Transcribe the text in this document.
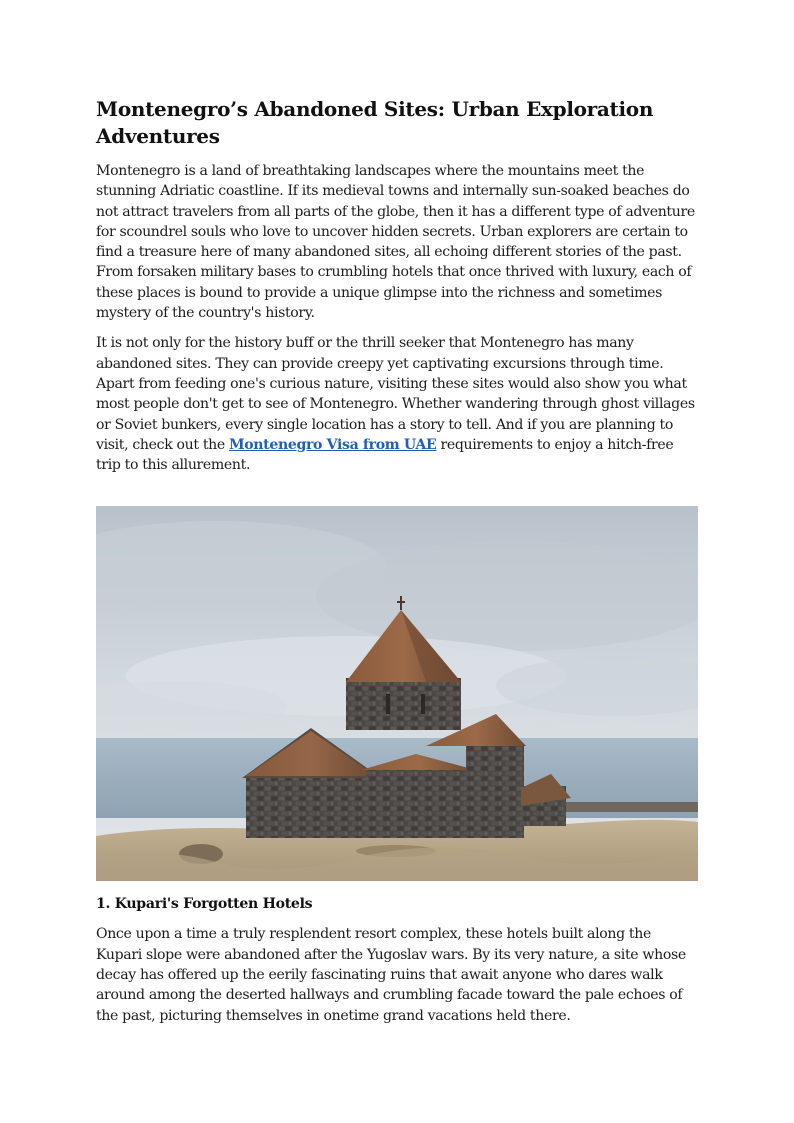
Montenegro’s Abandoned Sites: Urban Exploration Adventures

Montenegro is a land of breathtaking landscapes where the mountains meet the stunning Adriatic coastline. If its medieval towns and internally sun-soaked beaches do not attract travelers from all parts of the globe, then it has a different type of adventure for scoundrel souls who love to uncover hidden secrets. Urban explorers are certain to find a treasure here of many abandoned sites, all echoing different stories of the past. From forsaken military bases to crumbling hotels that once thrived with luxury, each of these places is bound to provide a unique glimpse into the richness and sometimes mystery of the country's history.

It is not only for the history buff or the thrill seeker that Montenegro has many abandoned sites. They can provide creepy yet captivating excursions through time. Apart from feeding one's curious nature, visiting these sites would also show you what most people don't get to see of Montenegro. Whether wandering through ghost villages or Soviet bunkers, every single location has a story to tell. And if you are planning to visit, check out the Montenegro Visa from UAE requirements to enjoy a hitch-free trip to this allurement.

1. Kupari's Forgotten Hotels

Once upon a time a truly resplendent resort complex, these hotels built along the Kupari slope were abandoned after the Yugoslav wars. By its very nature, a site whose decay has offered up the eerily fascinating ruins that await anyone who dares walk around among the deserted hallways and crumbling facade toward the pale echoes of the past, picturing themselves in onetime grand vacations held there.
